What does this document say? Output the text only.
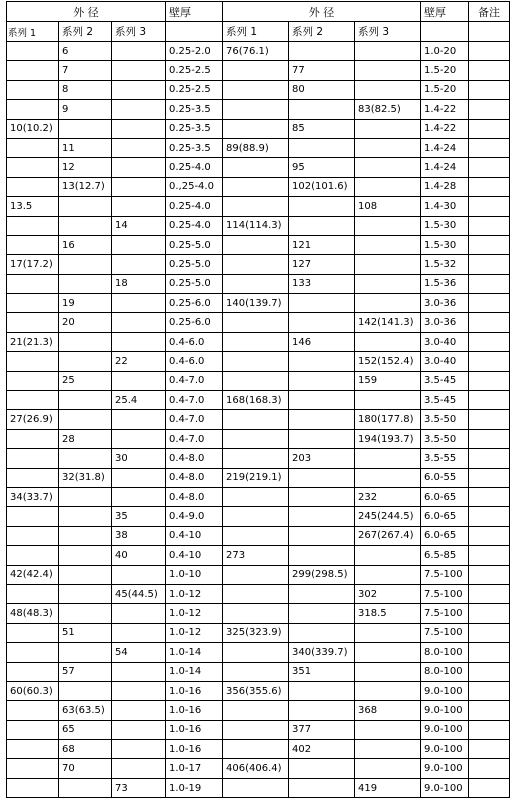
外 径			壁厚	外 径			壁厚	备注
系列 1	系列 2	系列 3		系列 1	系列 2	系列 3		
	6		0.25-2.0	76(76.1)			1.0-20	
	7		0.25-2.5		77		1.5-20	
	8		0.25-2.5		80		1.5-20	
	9		0.25-3.5			83(82.5)	1.4-22	
10(10.2)			0.25-3.5		85		1.4-22	
	11		0.25-3.5	89(88.9)			1.4-24	
	12		0.25-4.0		95		1.4-24	
	13(12.7)		0.,25-4.0		102(101.6)		1.4-28	
13.5			0.25-4.0			108	1.4-30	
		14	0.25-4.0	114(114.3)			1.5-30	
	16		0.25-5.0		121		1.5-30	
17(17.2)			0.25-5.0		127		1.5-32	
		18	0.25-5.0		133		1.5-36	
	19		0.25-6.0	140(139.7)			3.0-36	
	20		0.25-6.0			142(141.3)	3.0-36	
21(21.3)			0.4-6.0		146		3.0-40	
		22	0.4-6.0			152(152.4)	3.0-40	
	25		0.4-7.0			159	3.5-45	
		25.4	0.4-7.0	168(168.3)			3.5-45	
27(26.9)			0.4-7.0			180(177.8)	3.5-50	
	28		0.4-7.0			194(193.7)	3.5-50	
		30	0.4-8.0		203		3.5-55	
	32(31.8)		0.4-8.0	219(219.1)			6.0-55	
34(33.7)			0.4-8.0			232	6.0-65	
		35	0.4-9.0			245(244.5)	6.0-65	
		38	0.4-10			267(267.4)	6.0-65	
		40	0.4-10	273			6.5-85	
42(42.4)			1.0-10		299(298.5)		7.5-100	
		45(44.5)	1.0-12			302	7.5-100	
48(48.3)			1.0-12			318.5	7.5-100	
	51		1.0-12	325(323.9)			7.5-100	
		54	1.0-14		340(339.7)		8.0-100	
	57		1.0-14		351		8.0-100	
60(60.3)			1.0-16	356(355.6)			9.0-100	
	63(63.5)		1.0-16			368	9.0-100	
	65		1.0-16		377		9.0-100	
	68		1.0-16		402		9.0-100	
	70		1.0-17	406(406.4)			9.0-100	
		73	1.0-19			419	9.0-100	
